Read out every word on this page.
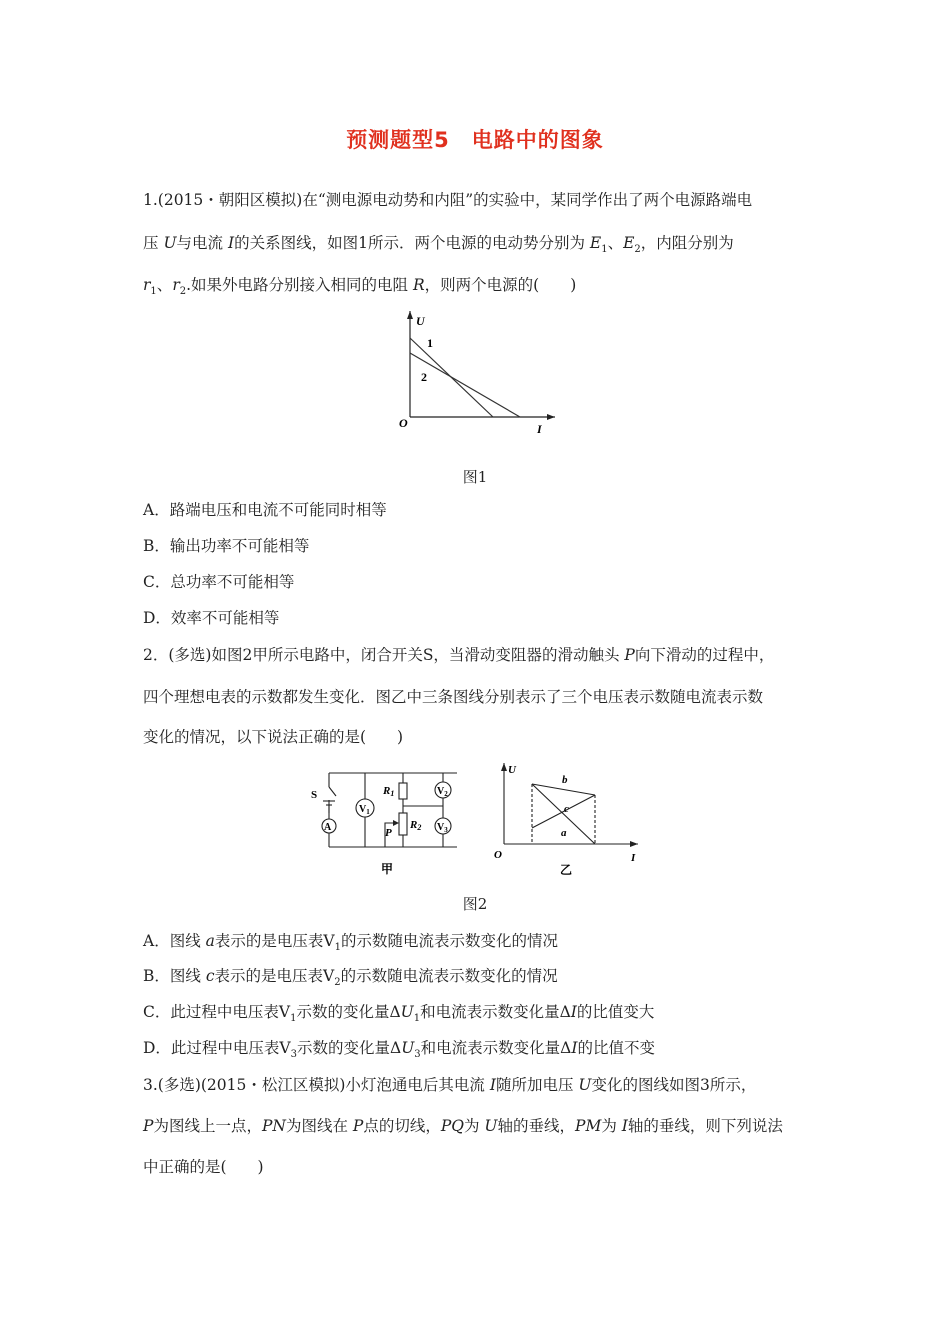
预测题型5　电路中的图象
1.(2015・朝阳区模拟)在“测电源电动势和内阻”的实验中，某同学作出了两个电源路端电
压 U与电流 I的关系图线，如图1所示．两个电源的电动势分别为 $E_1$、$E_2$，内阻分别为
$r_1$、$r_2$.如果外电路分别接入相同的电阻 R，则两个电源的(　　)
U
I
O
1
2
图1
A．路端电压和电流不可能同时相等
B．输出功率不可能相等
C．总功率不可能相等
D．效率不可能相等
2．(多选)如图2甲所示电路中，闭合开关S，当滑动变阻器的滑动触头 P向下滑动的过程中，
四个理想电表的示数都发生变化．图乙中三条图线分别表示了三个电压表示数随电流表示数
变化的情况，以下说法正确的是(　　)
S
A
$V_1$
$V_2$
$V_3$
R1
R2
P
甲
U
I
O
b
c
a
乙
图2
A．图线 a表示的是电压表$V_1$的示数随电流表示数变化的情况
B．图线 c表示的是电压表$V_2$的示数随电流表示数变化的情况
C．此过程中电压表$V_1$示数的变化量$\Delta U_1$和电流表示数变化量ΔI的比值变大
D．此过程中电压表$V_3$示数的变化量$\Delta U_3$和电流表示数变化量ΔI的比值不变
3.(多选)(2015・松江区模拟)小灯泡通电后其电流 I随所加电压 U变化的图线如图3所示，
P为图线上一点，PN为图线在 P点的切线，PQ为 U轴的垂线，PM为 I轴的垂线，则下列说法
中正确的是(　　)
